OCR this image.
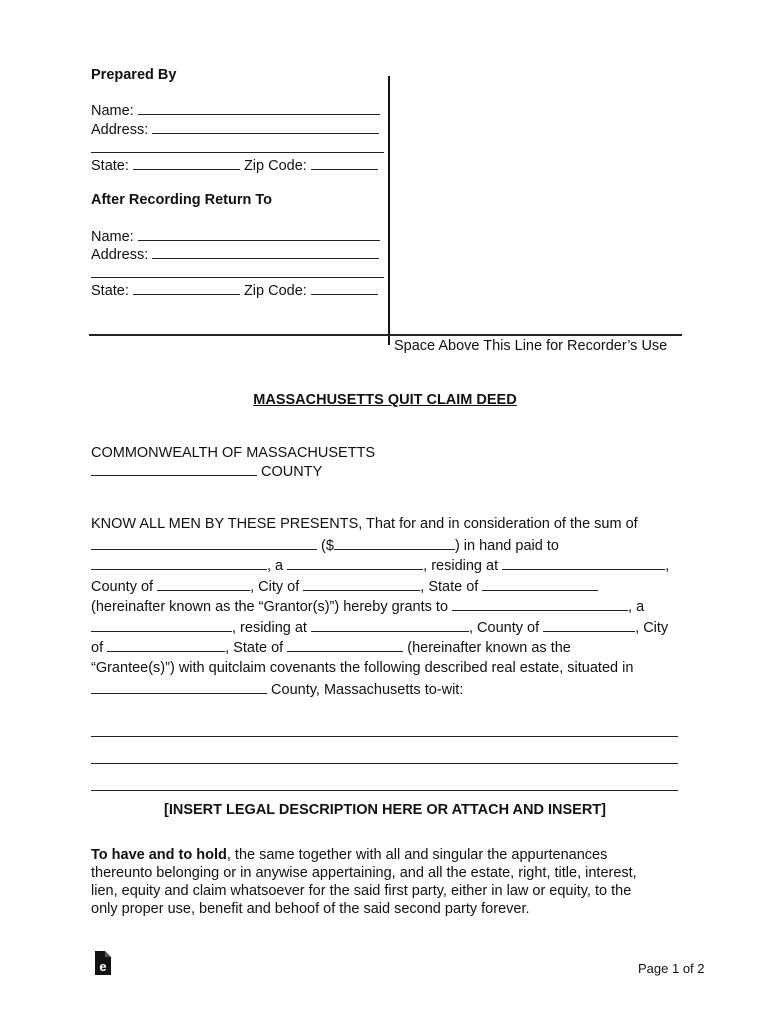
Prepared By
Name:
Address:
State:	Zip Code:
After Recording Return To
Name:
Address:
State:	Zip Code:
Space Above This Line for Recorder’s Use
MASSACHUSETTS QUIT CLAIM DEED
COMMONWEALTH OF MASSACHUSETTS
COUNTY
KNOW ALL MEN BY THESE PRESENTS, That for and in consideration of the sum of
($	) in hand paid to
, a	, residing at	,
County of	, City of	, State of
(hereinafter known as the “Grantor(s)”) hereby grants to	, a
, residing at	, County of	, City
of	, State of	(hereinafter known as the
“Grantee(s)”) with quitclaim covenants the following described real estate, situated in
County, Massachusetts to-wit:
[INSERT LEGAL DESCRIPTION HERE OR ATTACH AND INSERT]
To have and to hold, the same together with all and singular the appurtenances
thereunto belonging or in anywise appertaining, and all the estate, right, title, interest,
lien, equity and claim whatsoever for the said first party, either in law or equity, to the
only proper use, benefit and behoof of the said second party forever.
e	Page 1 of 2
